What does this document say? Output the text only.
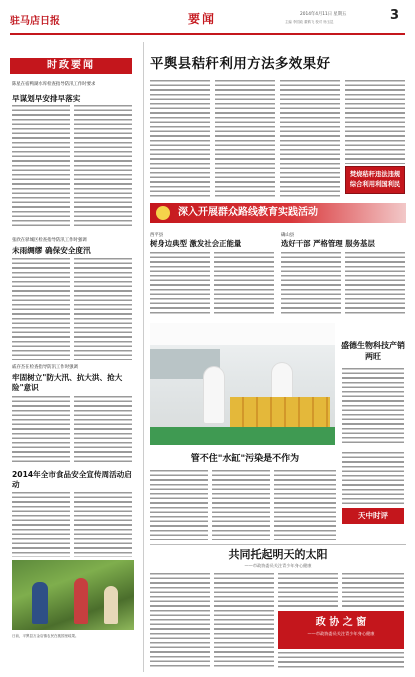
驻马店日报	要闻	2014年4月11日 星期五
主编 李国政 董鹤飞 校对 杨玉昆	3
时政要闻
陈星在宿鸭湖水库检查指导防汛工作时要求
早谋划早安排早落实
张欣在驿城区检查指导防汛工作时强调
未雨绸缪 确保安全度汛
戚存杰在检查指导防汛工作时强调
牢固树立"防大汛、抗大洪、抢大险"意识
2014年全市食品安全宣传周活动启动
日前，平舆县万金店镇农民在桃园里疏果。
平舆县秸秆利用方法多效果好
焚烧秸秆违法违规
综合利用利国利民
深入开展群众路线教育实践活动
西平县
树身边典型 激发社会正能量
确山县
选好干部 严格管理 服务基层
盛德生物科技产销两旺
管不住"水缸"污染是不作为
天中时评
共同托起明天的太阳
——市政协委员关注青少年身心健康
政 协 之 窗
——市政协委员关注青少年身心健康
